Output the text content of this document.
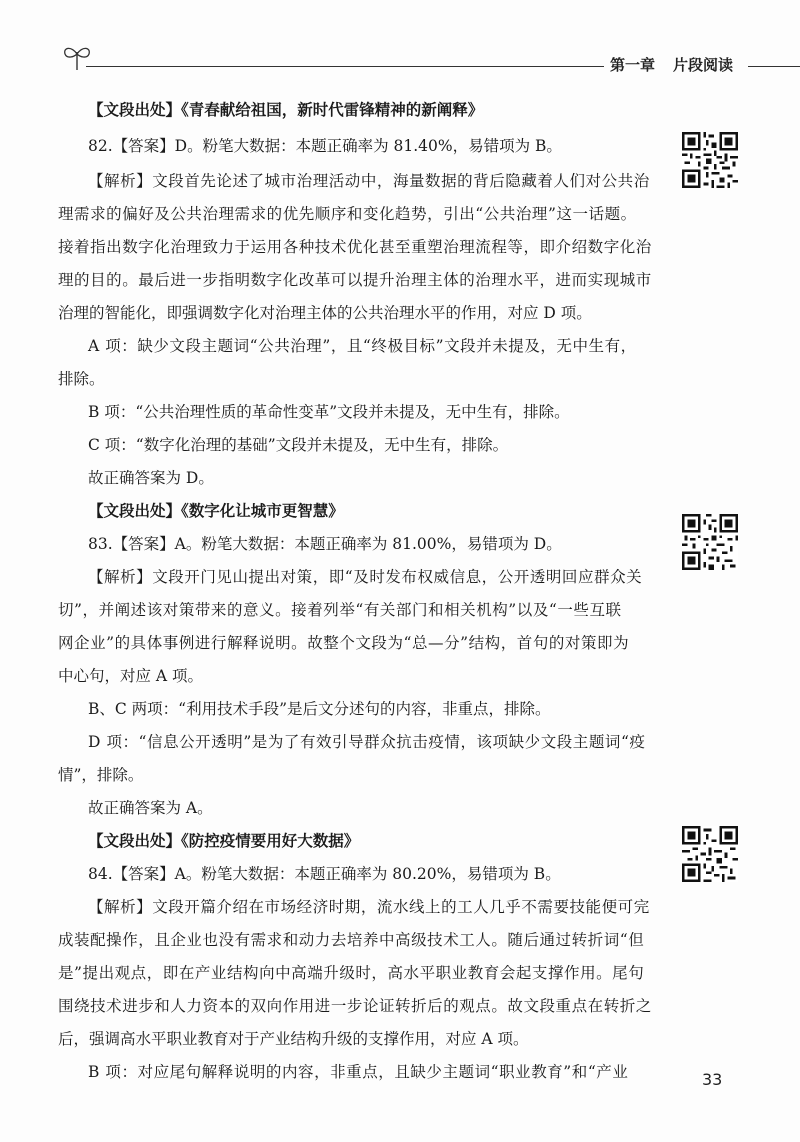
第一章 片段阅读
【文段出处】《青春献给祖国，新时代雷锋精神的新阐释》
82.【答案】D。粉笔大数据：本题正确率为 81.40%，易错项为 B。
【解析】文段首先论述了城市治理活动中，海量数据的背后隐藏着人们对公共治
理需求的偏好及公共治理需求的优先顺序和变化趋势，引出“公共治理”这一话题。
接着指出数字化治理致力于运用各种技术优化甚至重塑治理流程等，即介绍数字化治
理的目的。最后进一步指明数字化改革可以提升治理主体的治理水平，进而实现城市
治理的智能化，即强调数字化对治理主体的公共治理水平的作用，对应 D 项。
A 项：缺少文段主题词“公共治理”，且“终极目标”文段并未提及，无中生有，
排除。
B 项：“公共治理性质的革命性变革”文段并未提及，无中生有，排除。
C 项：“数字化治理的基础”文段并未提及，无中生有，排除。
故正确答案为 D。
【文段出处】《数字化让城市更智慧》
83.【答案】A。粉笔大数据：本题正确率为 81.00%，易错项为 D。
【解析】文段开门见山提出对策，即“及时发布权威信息，公开透明回应群众关
切”，并阐述该对策带来的意义。接着列举“有关部门和相关机构”以及“一些互联
网企业”的具体事例进行解释说明。故整个文段为“总—分”结构，首句的对策即为
中心句，对应 A 项。
B、C 两项：“利用技术手段”是后文分述句的内容，非重点，排除。
D 项：“信息公开透明”是为了有效引导群众抗击疫情，该项缺少文段主题词“疫
情”，排除。
故正确答案为 A。
【文段出处】《防控疫情要用好大数据》
84.【答案】A。粉笔大数据：本题正确率为 80.20%，易错项为 B。
【解析】文段开篇介绍在市场经济时期，流水线上的工人几乎不需要技能便可完
成装配操作，且企业也没有需求和动力去培养中高级技术工人。随后通过转折词“但
是”提出观点，即在产业结构向中高端升级时，高水平职业教育会起支撑作用。尾句
围绕技术进步和人力资本的双向作用进一步论证转折后的观点。故文段重点在转折之
后，强调高水平职业教育对于产业结构升级的支撑作用，对应 A 项。
B 项：对应尾句解释说明的内容，非重点，且缺少主题词“职业教育”和“产业	33
